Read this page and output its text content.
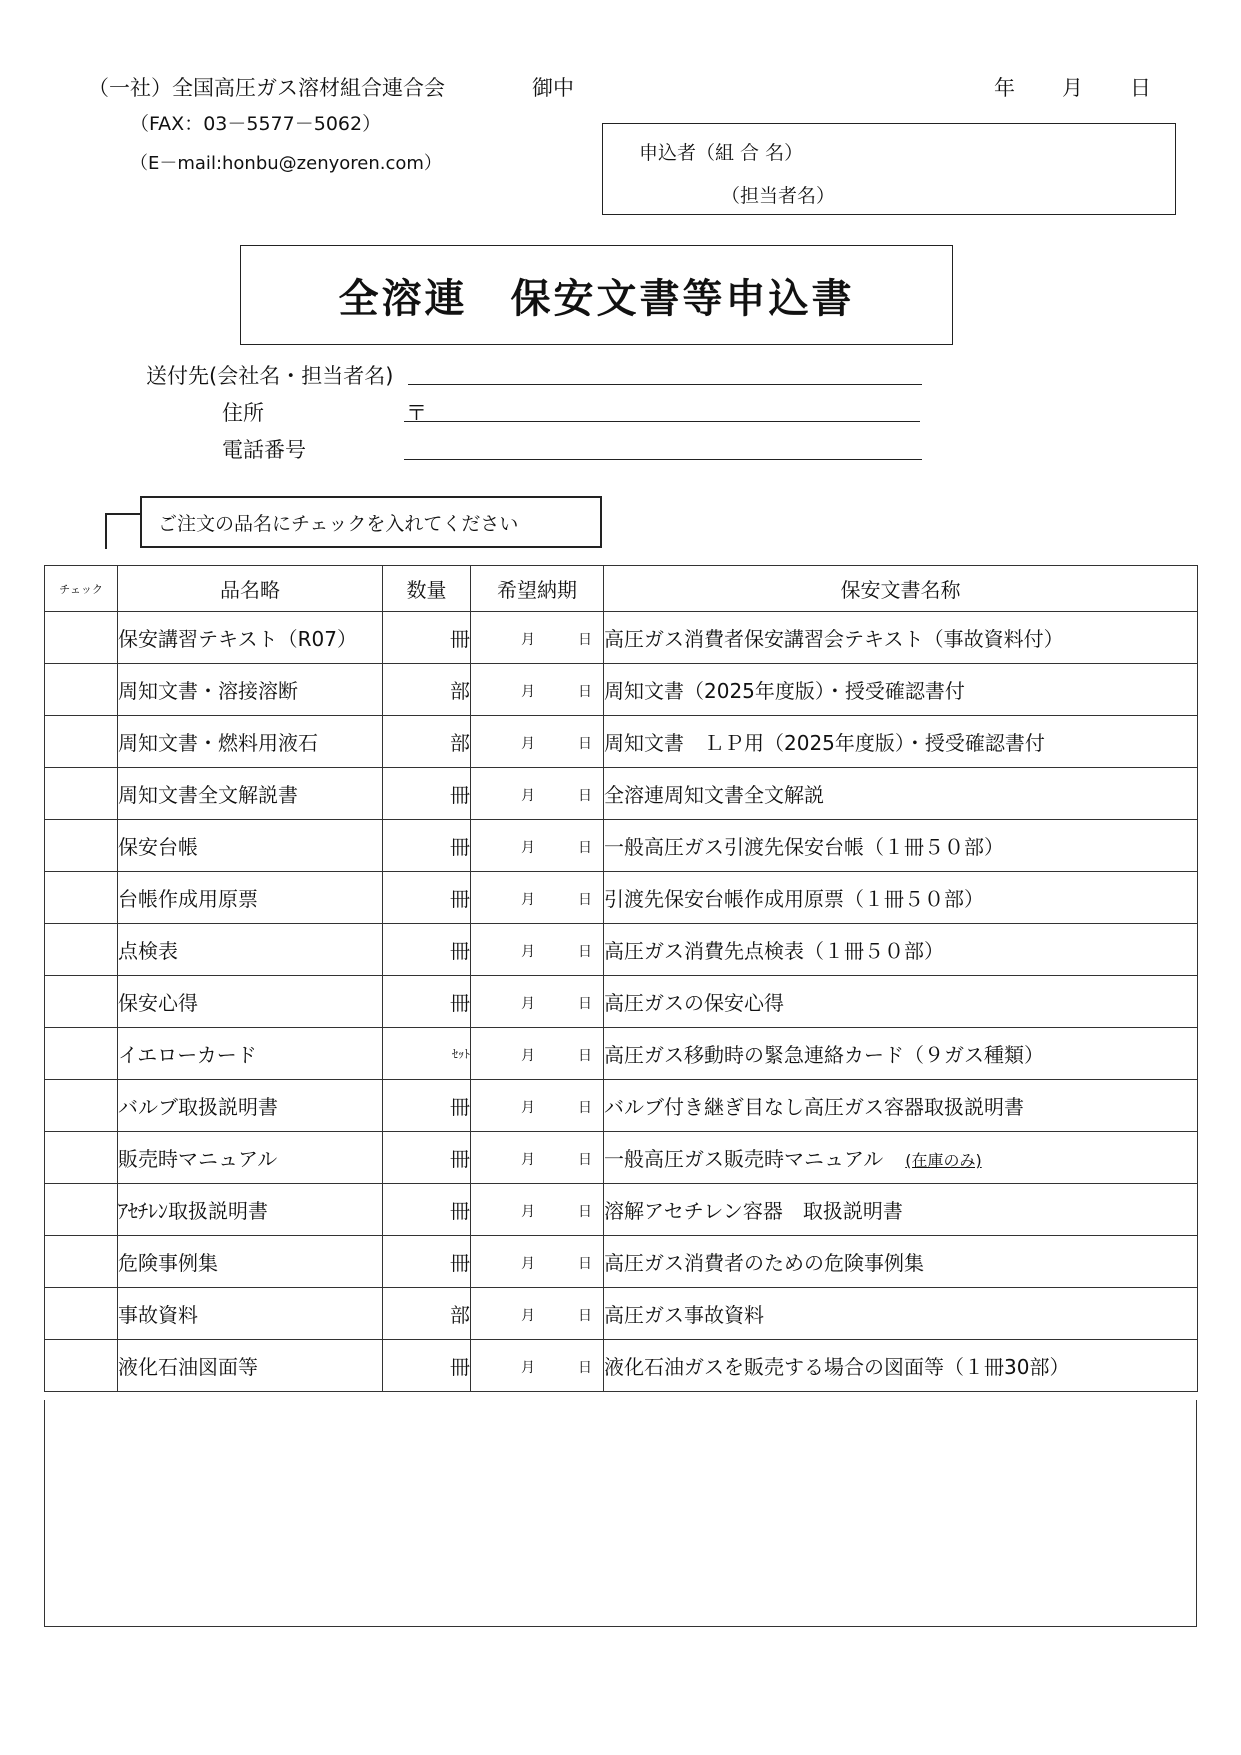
（一社）全国高圧ガス溶材組合連合会	御中
（FAX：03－5577－5062）
（E－mail:honbu@zenyoren.com）
年 月 日
申込者（組 合 名）
（担当者名）
全溶連　保安文書等申込書
送付先(会社名・担当者名)
住所	〒
電話番号
ご注文の品名にチェックを入れてください
チェック	品名略	数量	希望納期	保安文書名称
	保安講習テキスト（R07）	冊	月 日	高圧ガス消費者保安講習会テキスト（事故資料付）
	周知文書・溶接溶断	部	月 日	周知文書（2025年度版）・授受確認書付
	周知文書・燃料用液石	部	月 日	周知文書　ＬＰ用（2025年度版）・授受確認書付
	周知文書全文解説書	冊	月 日	全溶連周知文書全文解説
	保安台帳	冊	月 日	一般高圧ガス引渡先保安台帳（１冊５０部）
	台帳作成用原票	冊	月 日	引渡先保安台帳作成用原票（１冊５０部）
	点検表	冊	月 日	高圧ガス消費先点検表（１冊５０部）
	保安心得	冊	月 日	高圧ガスの保安心得
	イエローカード	ｾｯﾄ	月 日	高圧ガス移動時の緊急連絡カード（９ガス種類）
	バルブ取扱説明書	冊	月 日	バルブ付き継ぎ目なし高圧ガス容器取扱説明書
	販売時マニュアル	冊	月 日	一般高圧ガス販売時マニュアル (在庫のみ)
	ｱｾﾁﾚﾝ取扱説明書	冊	月 日	溶解アセチレン容器　取扱説明書
	危険事例集	冊	月 日	高圧ガス消費者のための危険事例集
	事故資料	部	月 日	高圧ガス事故資料
	液化石油図面等	冊	月 日	液化石油ガスを販売する場合の図面等（１冊30部）
